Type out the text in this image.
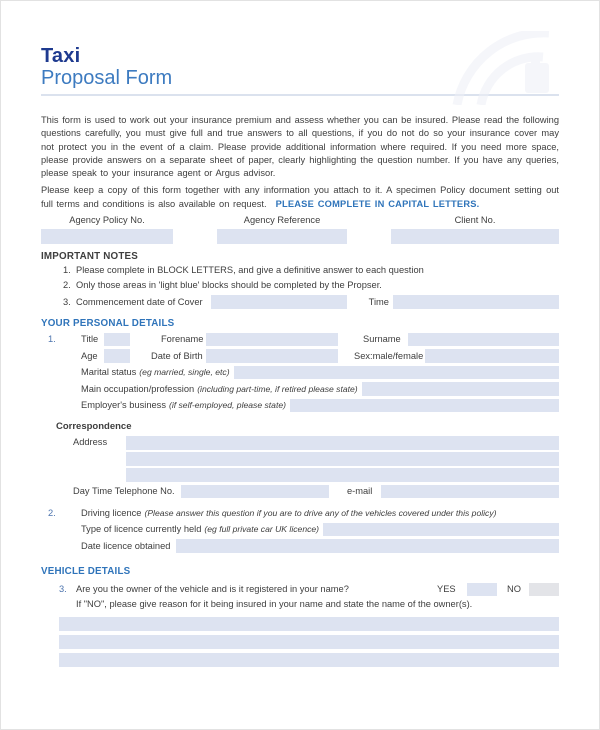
Taxi
Proposal Form

This form is used to work out your insurance premium and assess whether you can be insured. Please read the following questions carefully, you must give full and true answers to all questions, if you do not do so your insurance cover may not protect you in the event of a claim. Please provide additional information where required. If you need more space, please provide answers on a separate sheet of paper, clearly highlighting the question number. If you have any queries, please speak to your insurance agent or Argus advisor.

Please keep a copy of this form together with any information you attach to it. A specimen Policy document setting out full terms and conditions is also available on request. PLEASE COMPLETE IN CAPITAL LETTERS.

Agency Policy No.	Agency Reference	Client No.
IMPORTANT NOTES
1. Please complete in BLOCK LETTERS, and give a definitive answer to each question
2. Only those areas in 'light blue' blocks should be completed by the Propser.
3. Commencement date of Cover	Time
YOUR PERSONAL DETAILS
1.	Title	Forename	Surname
Age	Date of Birth	Sex:male/female
Marital status (eg married, single, etc)
Main occupation/profession (including part-time, if retired please state)
Employer's business (if self-employed, please state)
Correspondence
Address
Day Time Telephone No.	e-mail
2.	Driving licence (Please answer this question if you are to drive any of the vehicles covered under this policy)
Type of licence currently held (eg full private car UK licence)
Date licence obtained
VEHICLE DETAILS
3. Are you the owner of the vehicle and is it registered in your name?	YES	NO
If "NO", please give reason for it being insured in your name and state the name of the owner(s).
